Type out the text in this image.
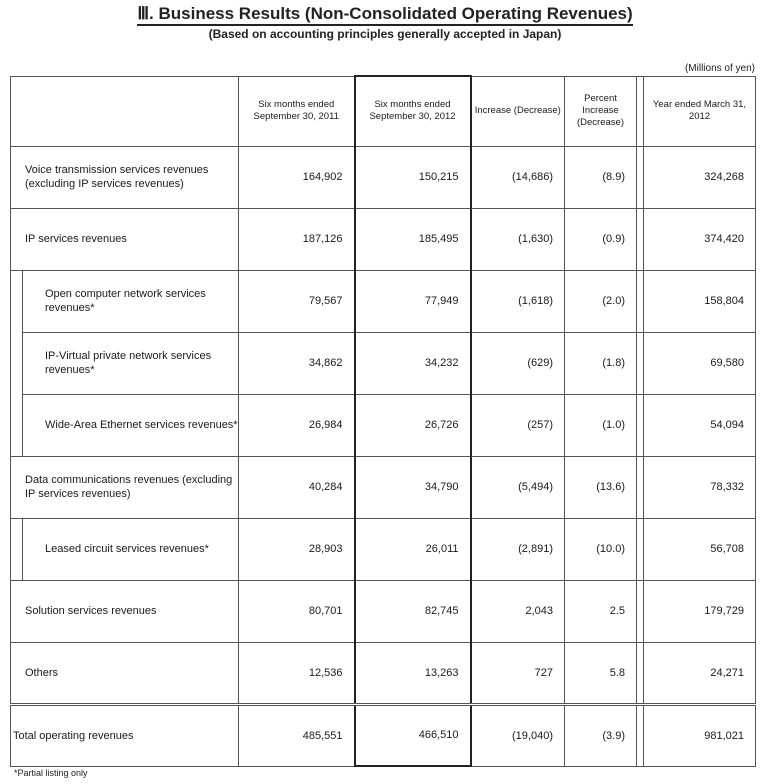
Ⅲ. Business Results (Non-Consolidated Operating Revenues)
(Based on accounting principles generally accepted in Japan)
(Millions of yen)
		Six months ended September 30, 2011	Six months ended September 30, 2012	Increase (Decrease)	Percent Increase (Decrease)		Year ended March 31, 2012
Voice transmission services revenues (excluding IP services revenues)		164,902	150,215	(14,686)	(8.9)		324,268
IP services revenues		187,126	185,495	(1,630)	(0.9)		374,420
	Open computer network services revenues*	79,567	77,949	(1,618)	(2.0)		158,804
	IP-Virtual private network services revenues*	34,862	34,232	(629)	(1.8)		69,580
	Wide-Area Ethernet services revenues*	26,984	26,726	(257)	(1.0)		54,094
Data communications revenues (excluding IP services revenues)		40,284	34,790	(5,494)	(13.6)		78,332
	Leased circuit services revenues*	28,903	26,011	(2,891)	(10.0)		56,708
Solution services revenues		80,701	82,745	2,043	2.5		179,729
Others		12,536	13,263	727	5.8		24,271
Total operating revenues		485,551	466,510	(19,040)	(3.9)		981,021
*Partial listing only
